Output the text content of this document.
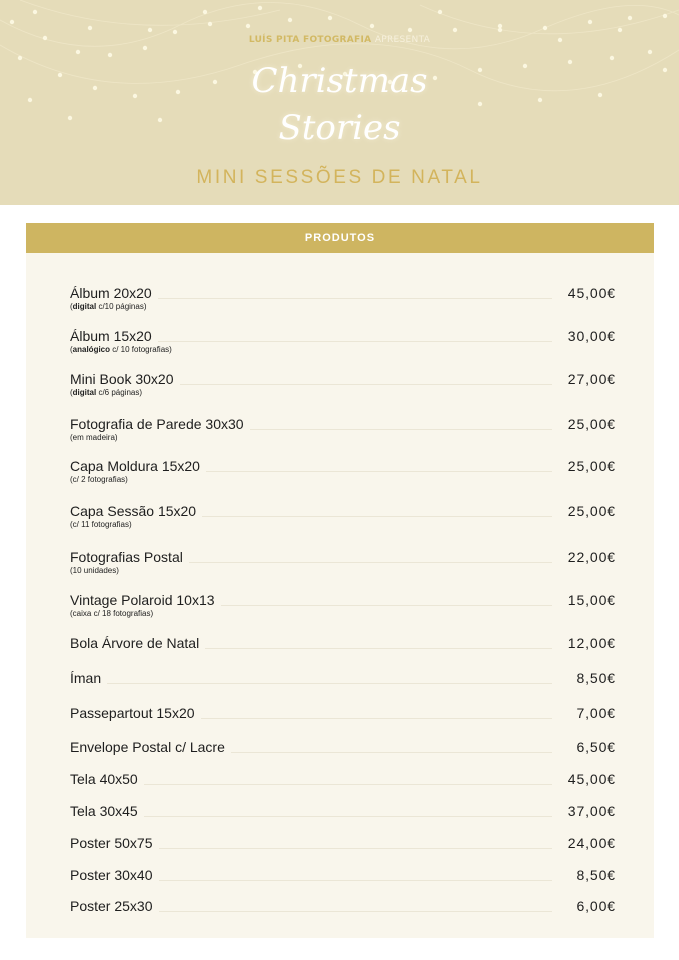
LUÍS PITA FOTOGRAFIA APRESENTA
Christmas
Stories
MINI SESSÕES DE NATAL
PRODUTOS
Álbum 20x20	45,00€
(digital c/10 páginas)
Álbum 15x20	30,00€
(analógico c/ 10 fotografias)
Mini Book 30x20	27,00€
(digital c/6 páginas)
Fotografia de Parede 30x30	25,00€
(em madeira)
Capa Moldura 15x20	25,00€
(c/ 2 fotografias)
Capa Sessão 15x20	25,00€
(c/ 11 fotografias)
Fotografias Postal	22,00€
(10 unidades)
Vintage Polaroid 10x13	15,00€
(caixa c/ 18 fotografias)
Bola Árvore de Natal	12,00€
Íman	8,50€
Passepartout 15x20	7,00€
Envelope Postal c/ Lacre	6,50€
Tela 40x50	45,00€
Tela 30x45	37,00€
Poster 50x75	24,00€
Poster 30x40	8,50€
Poster 25x30	6,00€
